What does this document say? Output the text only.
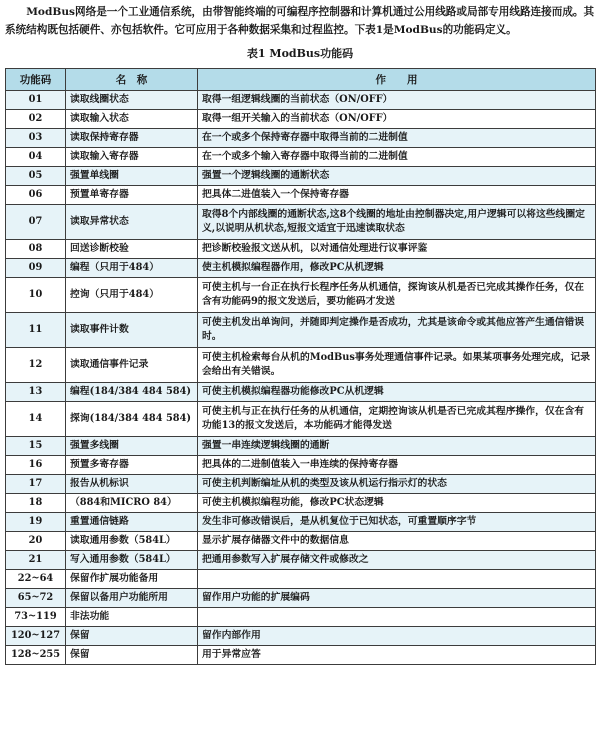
ModBus网络是一个工业通信系统，由带智能终端的可编程序控制器和计算机通过公用线路或局部专用线路连接而成。其系统结构既包括硬件、亦包括软件。它可应用于各种数据采集和过程监控。下表1是ModBus的功能码定义。

表1 ModBus功能码
功能码	名　称	作　　用
01	读取线圈状态	取得一组逻辑线圈的当前状态（ON/OFF）
02	读取输入状态	取得一组开关输入的当前状态（ON/OFF）
03	读取保持寄存器	在一个或多个保持寄存器中取得当前的二进制值
04	读取输入寄存器	在一个或多个输入寄存器中取得当前的二进制值
05	强置单线圈	强置一个逻辑线圈的通断状态
06	预置单寄存器	把具体二进值装入一个保持寄存器
07	读取异常状态	取得8个内部线圈的通断状态,这8个线圈的地址由控制器决定,用户逻辑可以将这些线圈定义,以说明从机状态,短报文适宜于迅速读取状态
08	回送诊断校验	把诊断校验报文送从机，以对通信处理进行议事评鉴
09	编程（只用于484）	使主机模拟编程器作用，修改PC从机逻辑
10	控询（只用于484）	可使主机与一台正在执行长程序任务从机通信，探询该从机是否已完成其操作任务，仅在含有功能码9的报文发送后，要功能码才发送
11	读取事件计数	可使主机发出单询问，并随即判定操作是否成功，尤其是该命令或其他应答产生通信错误时。
12	读取通信事件记录	可使主机检索每台从机的ModBus事务处理通信事件记录。如果某项事务处理完成，记录会给出有关错误。
13	编程(184/384 484 584)	可使主机模拟编程器功能修改PC从机逻辑
14	探询(184/384 484 584)	可使主机与正在执行任务的从机通信，定期控询该从机是否已完成其程序操作，仅在含有功能13的报文发送后，本功能码才能得发送
15	强置多线圈	强置一串连续逻辑线圈的通断
16	预置多寄存器	把具体的二进制值装入一串连续的保持寄存器
17	报告从机标识	可使主机判断编址从机的类型及该从机运行指示灯的状态
18	（884和MICRO 84）	可使主机模拟编程功能，修改PC状态逻辑
19	重置通信链路	发生非可修改错误后，是从机复位于已知状态，可重置顺序字节
20	读取通用参数（584L）	显示扩展存储器文件中的数据信息
21	写入通用参数（584L）	把通用参数写入扩展存储文件或修改之
22~64	保留作扩展功能备用	
65~72	保留以备用户功能所用	留作用户功能的扩展编码
73~119	非法功能	
120~127	保留	留作内部作用
128~255	保留	用于异常应答
